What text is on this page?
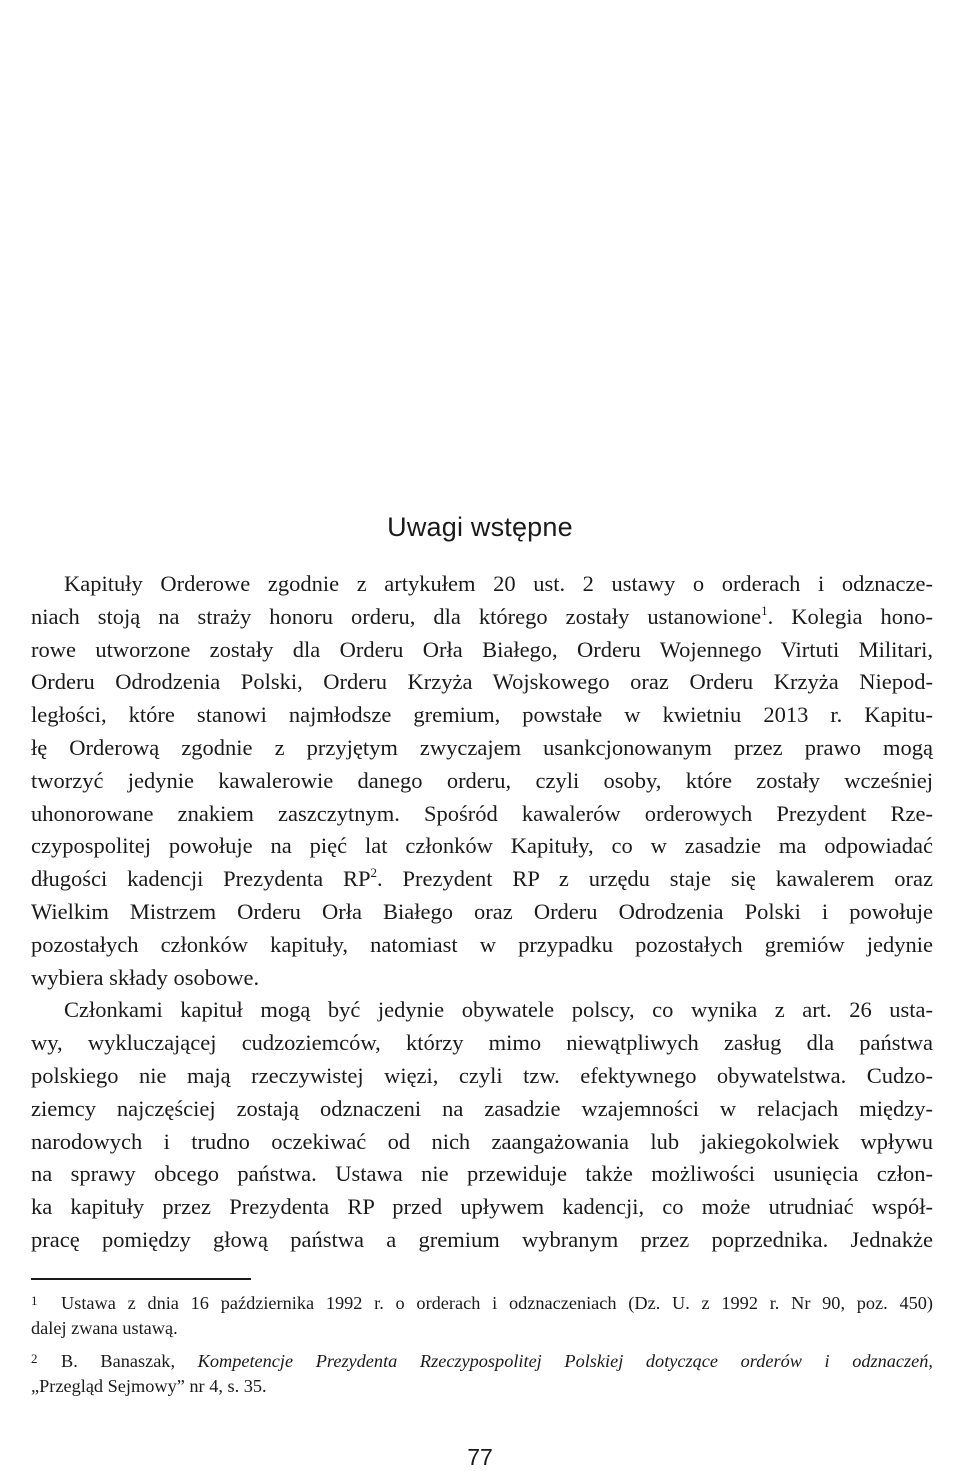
Uwagi wstępne
Kapituły Orderowe zgodnie z artykułem 20 ust. 2 ustawy o orderach i odznacze-
niach stoją na straży honoru orderu, dla którego zostały ustanowione$^1$. Kolegia hono-
rowe utworzone zostały dla Orderu Orła Białego, Orderu Wojennego Virtuti Militari,
Orderu Odrodzenia Polski, Orderu Krzyża Wojskowego oraz Orderu Krzyża Niepod-
ległości, które stanowi najmłodsze gremium, powstałe w kwietniu 2013 r. Kapitu-
łę Orderową zgodnie z przyjętym zwyczajem usankcjonowanym przez prawo mogą
tworzyć jedynie kawalerowie danego orderu, czyli osoby, które zostały wcześniej
uhonorowane znakiem zaszczytnym. Spośród kawalerów orderowych Prezydent Rze-
czypospolitej powołuje na pięć lat członków Kapituły, co w zasadzie ma odpowiadać
długości kadencji Prezydenta $RP^2$. Prezydent RP z urzędu staje się kawalerem oraz
Wielkim Mistrzem Orderu Orła Białego oraz Orderu Odrodzenia Polski i powołuje
pozostałych członków kapituły, natomiast w przypadku pozostałych gremiów jedynie
wybiera składy osobowe.
Członkami kapituł mogą być jedynie obywatele polscy, co wynika z art. 26 usta-
wy, wykluczającej cudzoziemców, którzy mimo niewątpliwych zasług dla państwa
polskiego nie mają rzeczywistej więzi, czyli tzw. efektywnego obywatelstwa. Cudzo-
ziemcy najczęściej zostają odznaczeni na zasadzie wzajemności w relacjach między-
narodowych i trudno oczekiwać od nich zaangażowania lub jakiegokolwiek wpływu
na sprawy obcego państwa. Ustawa nie przewiduje także możliwości usunięcia człon-
ka kapituły przez Prezydenta RP przed upływem kadencji, co może utrudniać współ-
pracę pomiędzy głową państwa a gremium wybranym przez poprzednika. Jednakże
1 Ustawa z dnia 16 października 1992 r. o orderach i odznaczeniach (Dz. U. z 1992 r. Nr 90, poz. 450)
dalej zwana ustawą.
2 B. Banaszak, Kompetencje Prezydenta Rzeczypospolitej Polskiej dotyczące orderów i odznaczeń,
„Przegląd Sejmowy” nr 4, s. 35.
77
